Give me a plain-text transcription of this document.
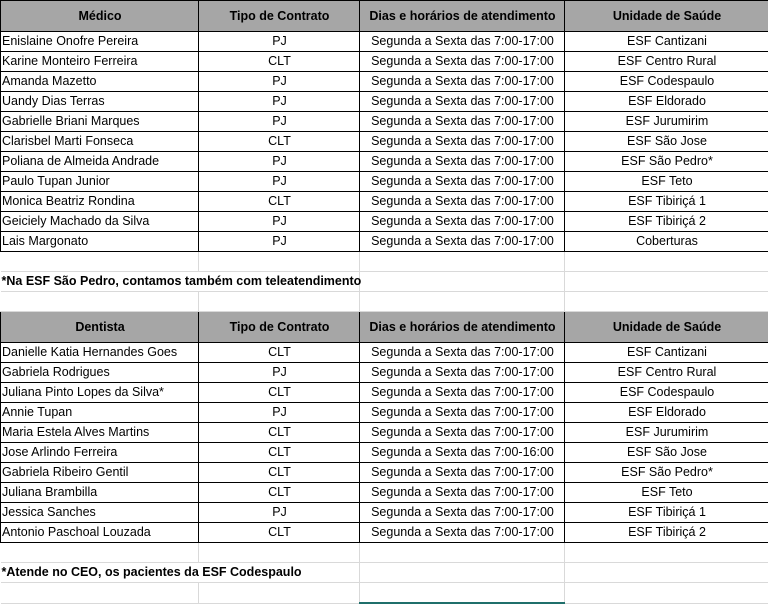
Médico	Tipo de Contrato	Dias e horários de atendimento	Unidade de Saúde
Enislaine Onofre Pereira	PJ	Segunda a Sexta das 7:00-17:00	ESF Cantizani
Karine Monteiro Ferreira	CLT	Segunda a Sexta das 7:00-17:00	ESF Centro Rural
Amanda Mazetto	PJ	Segunda a Sexta das 7:00-17:00	ESF Codespaulo
Uandy Dias Terras	PJ	Segunda a Sexta das 7:00-17:00	ESF Eldorado
Gabrielle Briani Marques	PJ	Segunda a Sexta das 7:00-17:00	ESF Jurumirim
Clarisbel Marti Fonseca	CLT	Segunda a Sexta das 7:00-17:00	ESF São Jose
Poliana de Almeida Andrade	PJ	Segunda a Sexta das 7:00-17:00	ESF São Pedro*
Paulo Tupan Junior	PJ	Segunda a Sexta das 7:00-17:00	ESF Teto
Monica Beatriz Rondina	CLT	Segunda a Sexta das 7:00-17:00	ESF Tibiriçá 1
Geiciely Machado da Silva	PJ	Segunda a Sexta das 7:00-17:00	ESF Tibiriçá 2
Lais Margonato	PJ	Segunda a Sexta das 7:00-17:00	Coberturas

*Na ESF São Pedro, contamos também com teleatendimento			

Dentista	Tipo de Contrato	Dias e horários de atendimento	Unidade de Saúde
Danielle Katia Hernandes Goes	CLT	Segunda a Sexta das 7:00-17:00	ESF Cantizani
Gabriela Rodrigues	PJ	Segunda a Sexta das 7:00-17:00	ESF Centro Rural
Juliana Pinto Lopes da Silva*	CLT	Segunda a Sexta das 7:00-17:00	ESF Codespaulo
Annie Tupan	PJ	Segunda a Sexta das 7:00-17:00	ESF Eldorado
Maria Estela Alves Martins	CLT	Segunda a Sexta das 7:00-17:00	ESF Jurumirim
Jose Arlindo Ferreira	CLT	Segunda a Sexta das 7:00-16:00	ESF São Jose
Gabriela Ribeiro Gentil	CLT	Segunda a Sexta das 7:00-17:00	ESF São Pedro*
Juliana Brambilla	CLT	Segunda a Sexta das 7:00-17:00	ESF Teto
Jessica Sanches	PJ	Segunda a Sexta das 7:00-17:00	ESF Tibiriçá 1
Antonio Paschoal Louzada	CLT	Segunda a Sexta das 7:00-17:00	ESF Tibiriçá 2

*Atende no CEO, os pacientes da ESF Codespaulo			
